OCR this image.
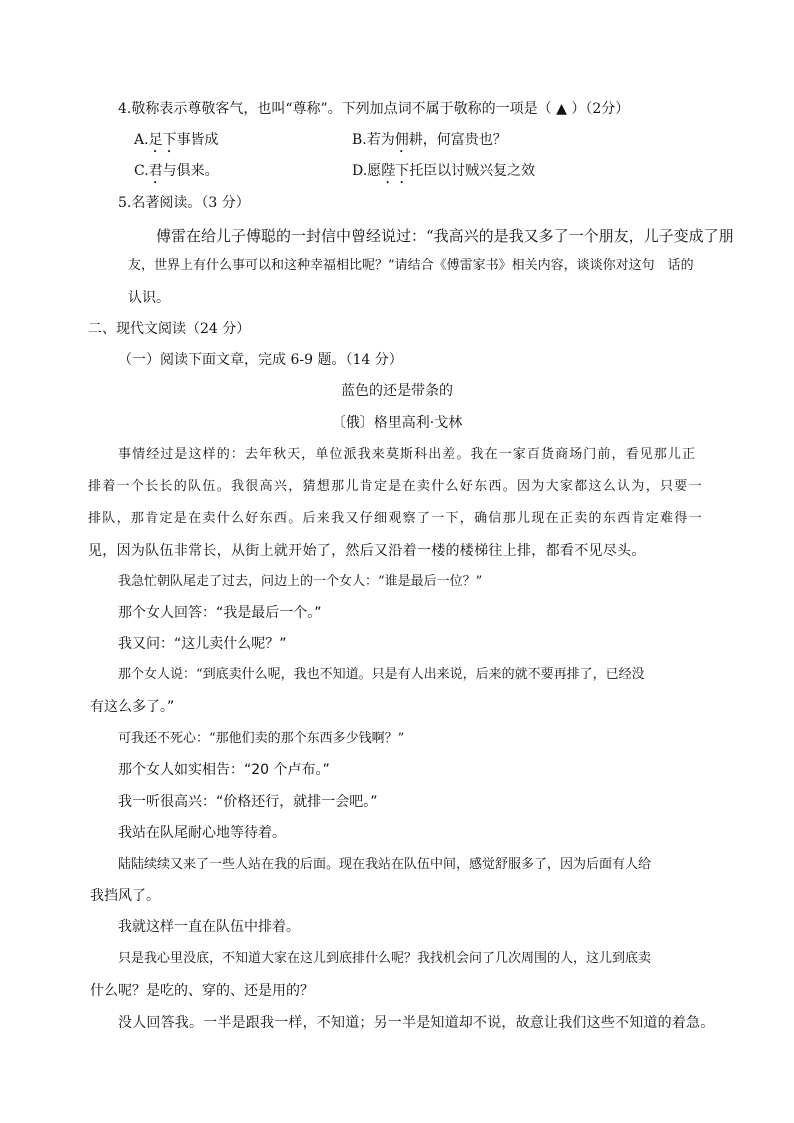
4.敬称表示尊敬客气，也叫“尊称”。下列加点词不属于敬称的一项是（ ▲ ）（2分）
A.足下事皆成	B.若为佣耕，何富贵也？
C.君与俱来。	D.愿陛下托臣以讨贼兴复之效
5.名著阅读。（3 分）
傅雷在给儿子傅聪的一封信中曾经说过：“我高兴的是我又多了一个朋友，儿子变成了朋
友，世界上有什么事可以和这种幸福相比呢？”请结合《傅雷家书》相关内容，谈谈你对这句　话的
认识。
二、现代文阅读（24 分）
（一）阅读下面文章，完成 6-9 题。（14 分）
蓝色的还是带条的
〔俄〕格里高利·戈林
事情经过是这样的：去年秋天，单位派我来莫斯科出差。我在一家百货商场门前，看见那儿正
排着一个长长的队伍。我很高兴，猜想那儿肯定是在卖什么好东西。因为大家都这么认为，只要一
排队，那肯定是在卖什么好东西。后来我又仔细观察了一下，确信那儿现在正卖的东西肯定难得一
见，因为队伍非常长，从街上就开始了，然后又沿着一楼的楼梯往上排，都看不见尽头。
我急忙朝队尾走了过去，问边上的一个女人：“谁是最后一位？”
那个女人回答：“我是最后一个。”
我又问：“这儿卖什么呢？”
那个女人说：“到底卖什么呢，我也不知道。只是有人出来说，后来的就不要再排了，已经没
有这么多了。”
可我还不死心：“那他们卖的那个东西多少钱啊？”
那个女人如实相告：“20 个卢布。”
我一听很高兴：“价格还行，就排一会吧。”
我站在队尾耐心地等待着。
陆陆续续又来了一些人站在我的后面。现在我站在队伍中间，感觉舒服多了，因为后面有人给
我挡风了。
我就这样一直在队伍中排着。
只是我心里没底，不知道大家在这儿到底排什么呢？我找机会问了几次周围的人，这儿到底卖
什么呢？是吃的、穿的、还是用的？
没人回答我。一半是跟我一样，不知道；另一半是知道却不说，故意让我们这些不知道的着急。
